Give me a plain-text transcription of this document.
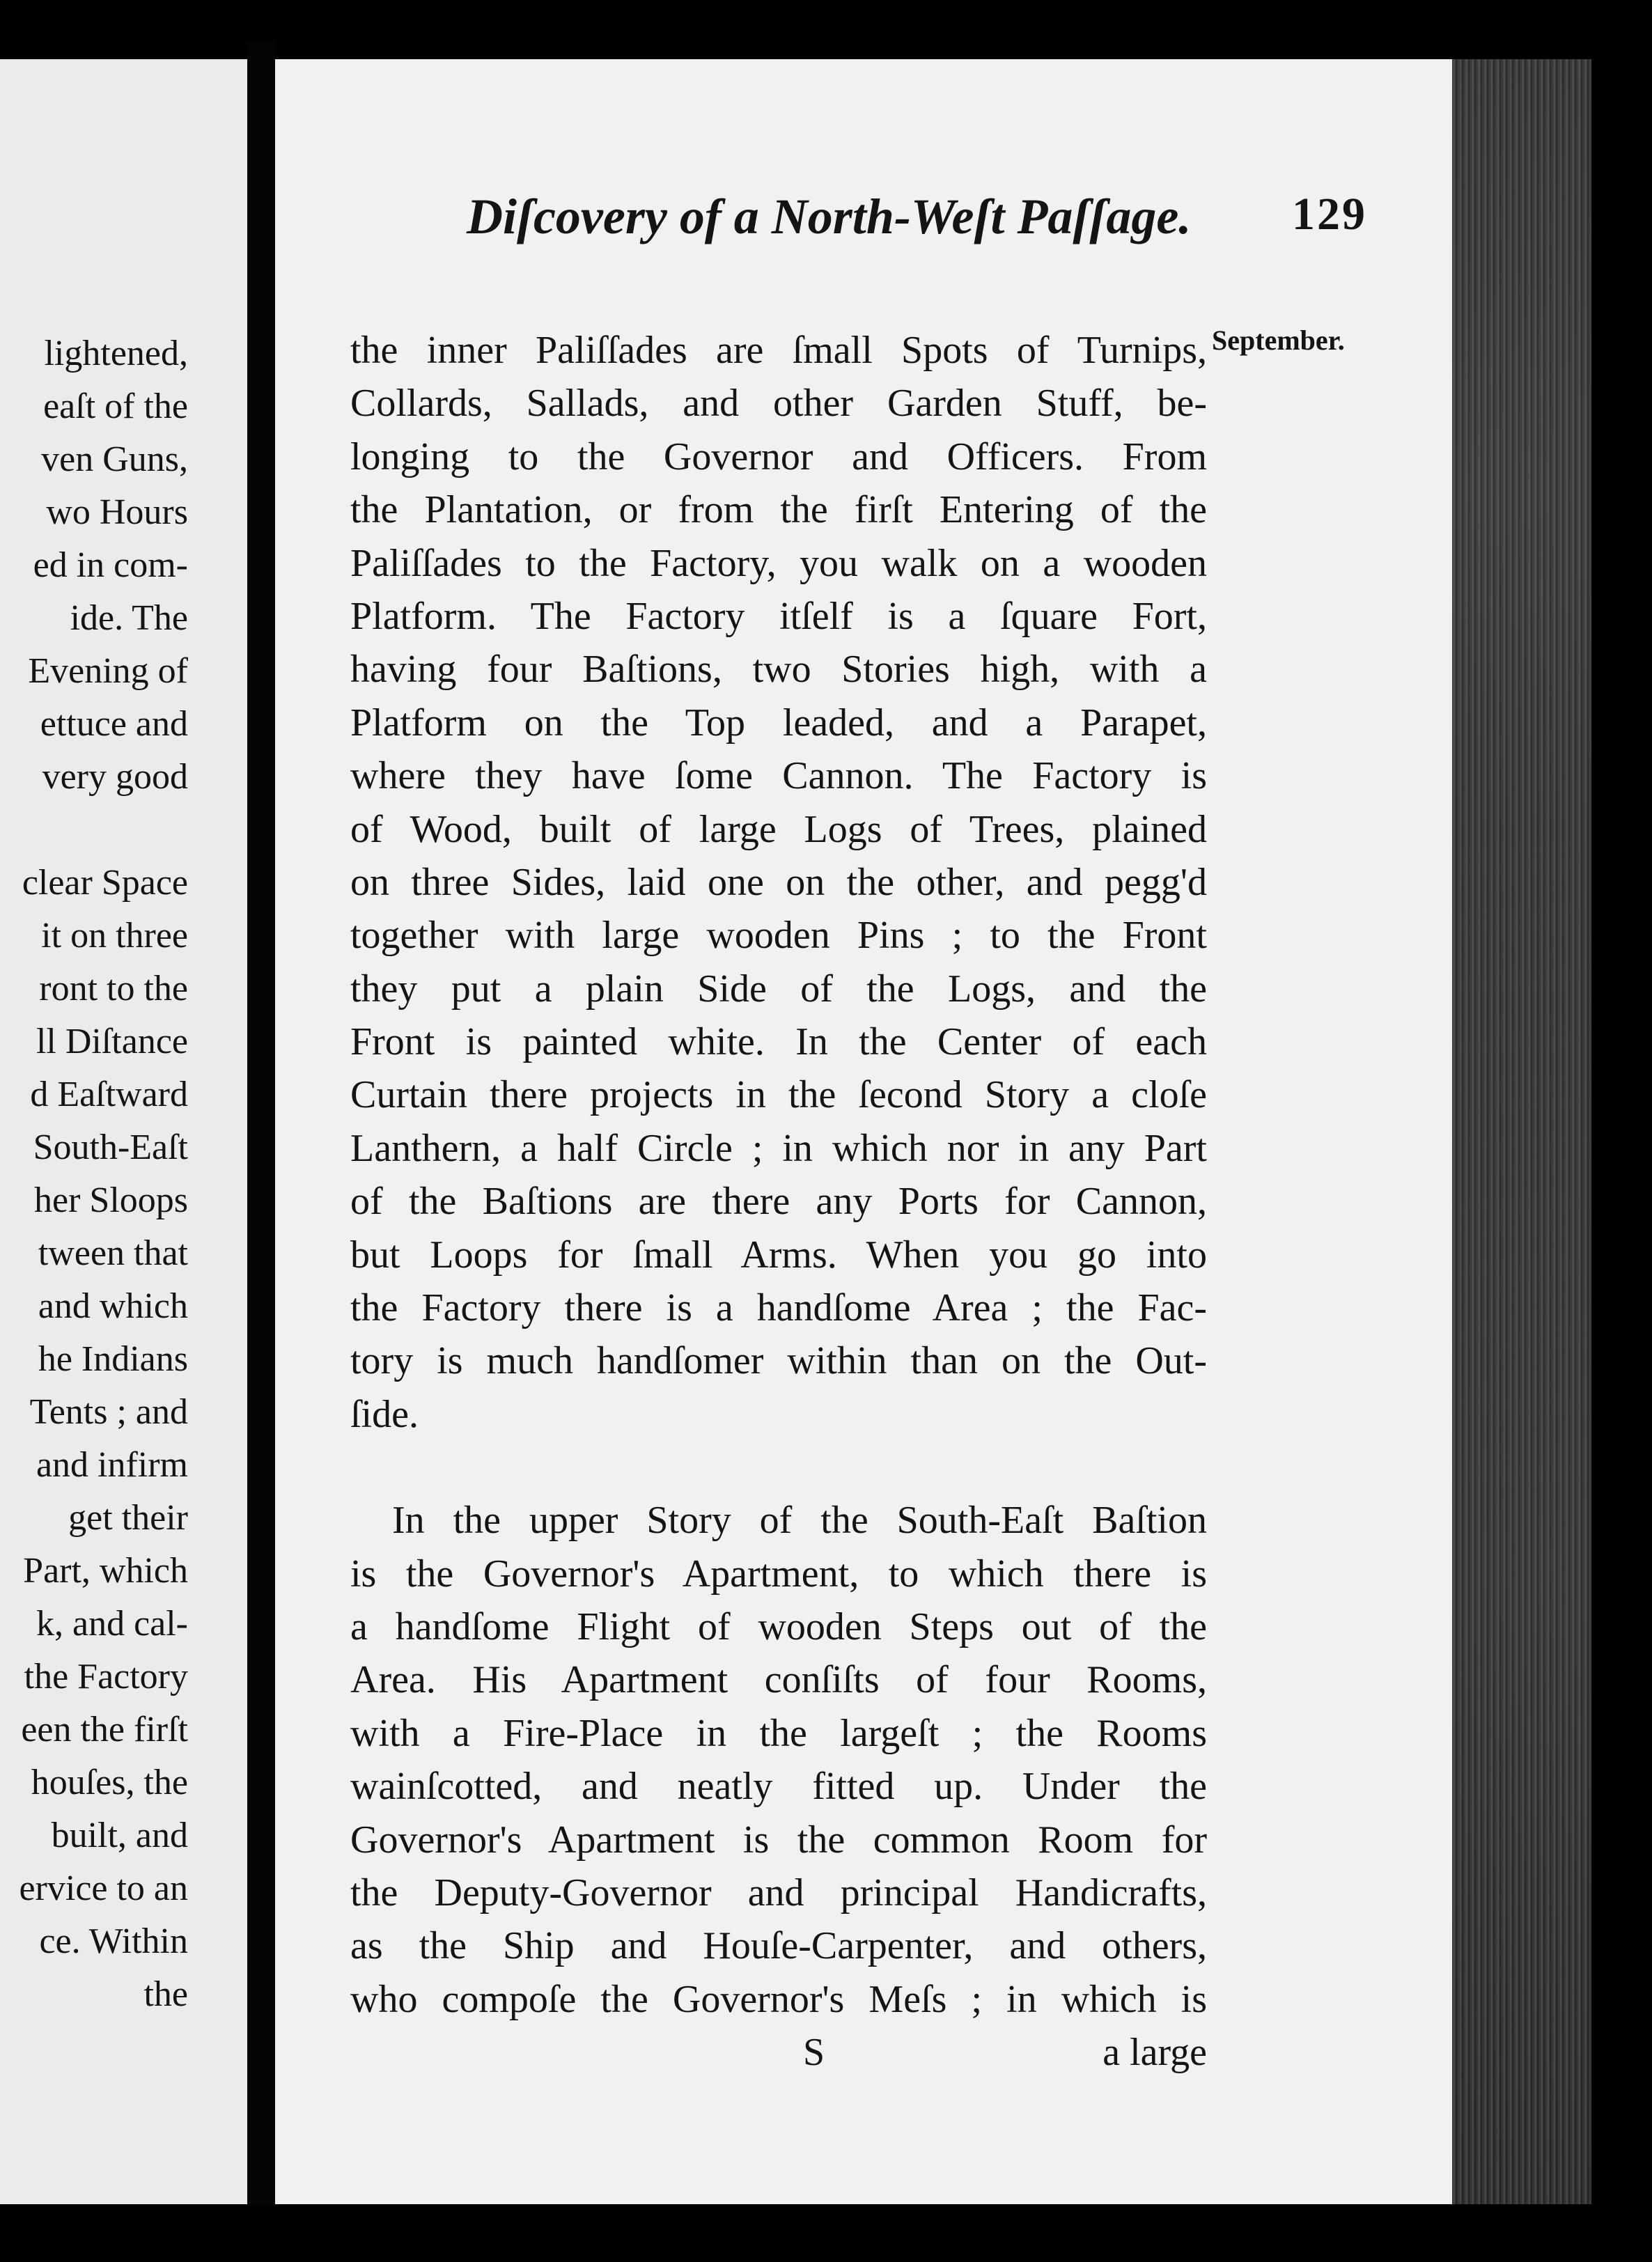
lightened,
eaſt of the
ven Guns,
wo Hours
ed in com-
ide. The
Evening of
ettuce and
very good
clear Space
it on three
ront to the
ll Diſtance
d Eaſtward
South-Eaſt
her Sloops
tween that
and which
he Indians
Tents ; and
and infirm
get their
Part, which
k, and cal-
the Factory
een the firſt
houſes, the
built, and
ervice to an
ce. Within
the
Diſcovery of a North-Weſt Paſſage. 129
September.
the inner Paliſſades are ſmall Spots of Turnips,
Collards, Sallads, and other Garden Stuff, be-
longing to the Governor and Officers. From
the Plantation, or from the firſt Entering of the
Paliſſades to the Factory, you walk on a wooden
Platform. The Factory itſelf is a ſquare Fort,
having four Baſtions, two Stories high, with a
Platform on the Top leaded, and a Parapet,
where they have ſome Cannon. The Factory is
of Wood, built of large Logs of Trees, plained
on three Sides, laid one on the other, and pegg'd
together with large wooden Pins ; to the Front
they put a plain Side of the Logs, and the
Front is painted white. In the Center of each
Curtain there projects in the ſecond Story a cloſe
Lanthern, a half Circle ; in which nor in any Part
of the Baſtions are there any Ports for Cannon,
but Loops for ſmall Arms. When you go into
the Factory there is a handſome Area ; the Fac-
tory is much handſomer within than on the Out-
ſide.
In the upper Story of the South-Eaſt Baſtion
is the Governor's Apartment, to which there is
a handſome Flight of wooden Steps out of the
Area. His Apartment conſiſts of four Rooms,
with a Fire-Place in the largeſt ; the Rooms
wainſcotted, and neatly fitted up. Under the
Governor's Apartment is the common Room for
the Deputy-Governor and principal Handicrafts,
as the Ship and Houſe-Carpenter, and others,
who compoſe the Governor's Meſs ; in which is
S	a large
